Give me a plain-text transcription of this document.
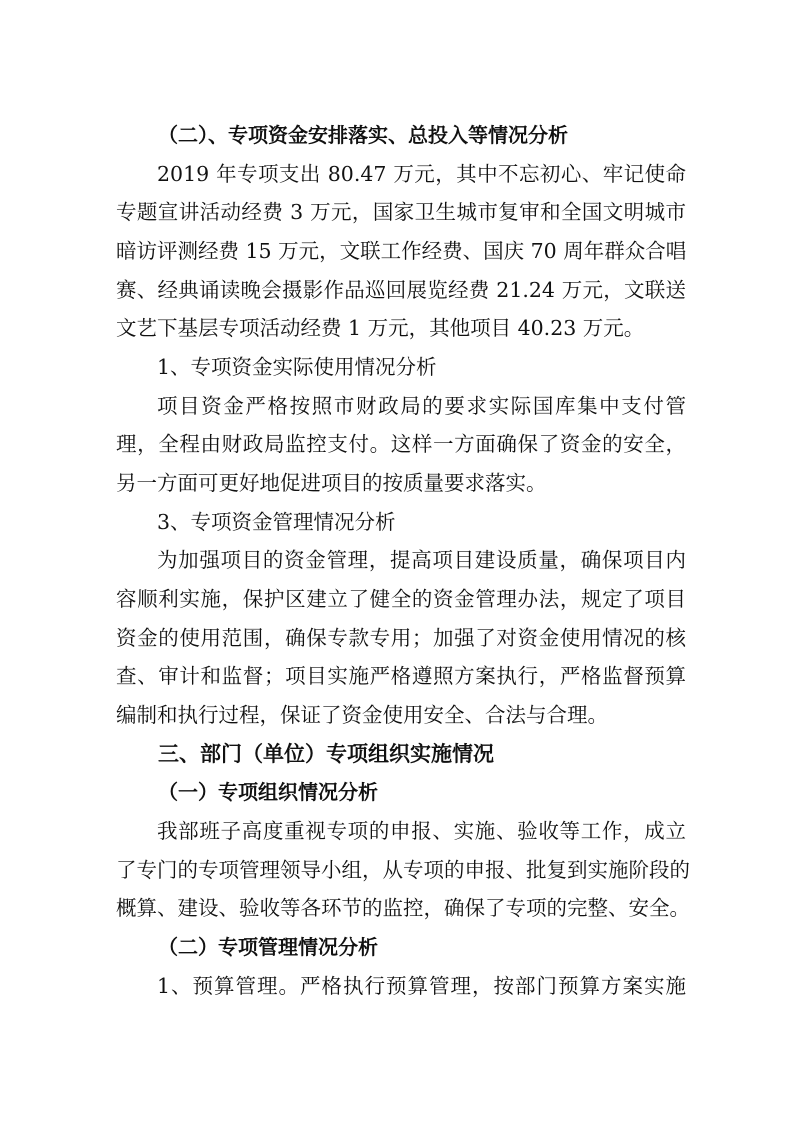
（二）、专项资金安排落实、总投入等情况分析
2019 年专项支出 80.47 万元，其中不忘初心、牢记使命
专题宣讲活动经费 3 万元，国家卫生城市复审和全国文明城市
暗访评测经费 15 万元，文联工作经费、国庆 70 周年群众合唱
赛、经典诵读晚会摄影作品巡回展览经费 21.24 万元，文联送
文艺下基层专项活动经费 1 万元，其他项目 40.23 万元。
1、专项资金实际使用情况分析
项目资金严格按照市财政局的要求实际国库集中支付管
理，全程由财政局监控支付。这样一方面确保了资金的安全，
另一方面可更好地促进项目的按质量要求落实。
3、专项资金管理情况分析
为加强项目的资金管理，提高项目建设质量，确保项目内
容顺利实施，保护区建立了健全的资金管理办法，规定了项目
资金的使用范围，确保专款专用；加强了对资金使用情况的核
查、审计和监督；项目实施严格遵照方案执行，严格监督预算
编制和执行过程，保证了资金使用安全、合法与合理。
三、部门（单位）专项组织实施情况
（一）专项组织情况分析
我部班子高度重视专项的申报、实施、验收等工作，成立
了专门的专项管理领导小组，从专项的申报、批复到实施阶段的
概算、建设、验收等各环节的监控，确保了专项的完整、安全。
（二）专项管理情况分析
1、预算管理。严格执行预算管理，按部门预算方案实施
